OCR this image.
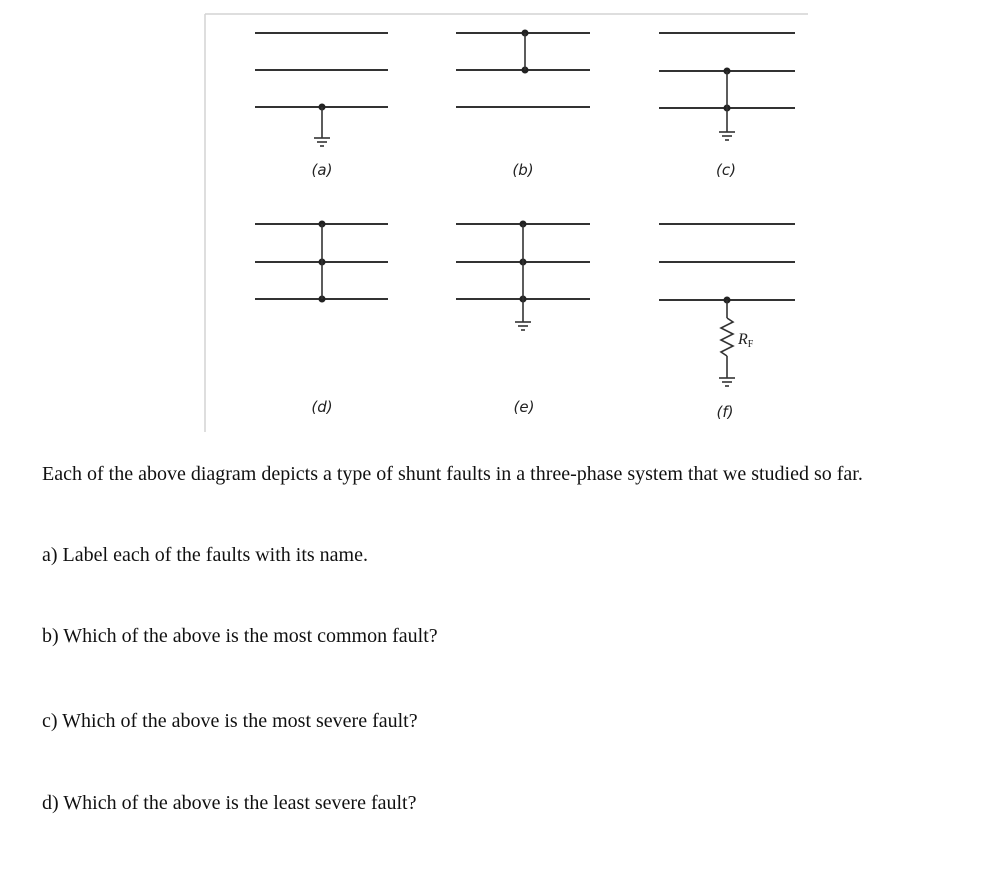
(a)	(b)	(c)
(d)	(e)
RF
(f)

Each of the above diagram depicts a type of shunt faults in a three-phase system that we studied so far.

a) Label each of the faults with its name.

b) Which of the above is the most common fault?

c) Which of the above is the most severe fault?

d) Which of the above is the least severe fault?
